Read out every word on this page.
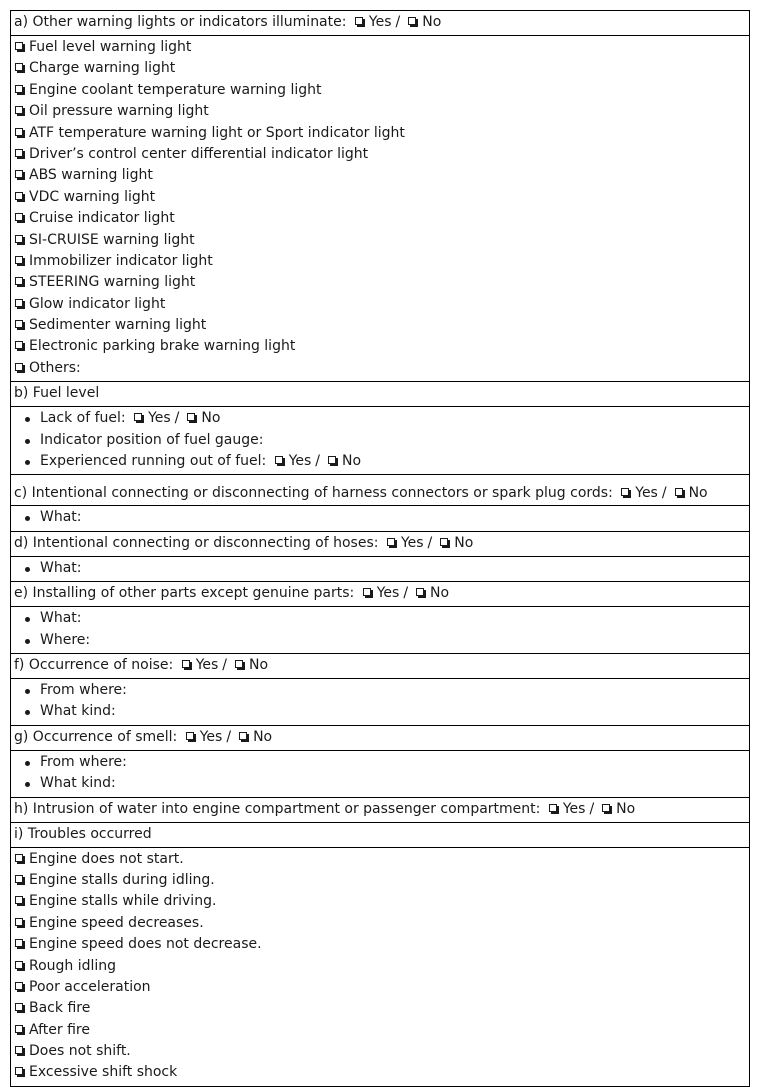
a) Other warning lights or indicators illuminate: Yes / No
Fuel level warning light
Charge warning light
Engine coolant temperature warning light
Oil pressure warning light
ATF temperature warning light or Sport indicator light
Driver’s control center differential indicator light
ABS warning light
VDC warning light
Cruise indicator light
SI-CRUISE warning light
Immobilizer indicator light
STEERING warning light
Glow indicator light
Sedimenter warning light
Electronic parking brake warning light
Others:
b) Fuel level
Lack of fuel: Yes / No
Indicator position of fuel gauge:
Experienced running out of fuel: Yes / No
c) Intentional connecting or disconnecting of harness connectors or spark plug cords: Yes / No
What:
d) Intentional connecting or disconnecting of hoses: Yes / No
What:
e) Installing of other parts except genuine parts: Yes / No
What:
Where:
f) Occurrence of noise: Yes / No
From where:
What kind:
g) Occurrence of smell: Yes / No
From where:
What kind:
h) Intrusion of water into engine compartment or passenger compartment: Yes / No
i) Troubles occurred
Engine does not start.
Engine stalls during idling.
Engine stalls while driving.
Engine speed decreases.
Engine speed does not decrease.
Rough idling
Poor acceleration
Back fire
After fire
Does not shift.
Excessive shift shock
